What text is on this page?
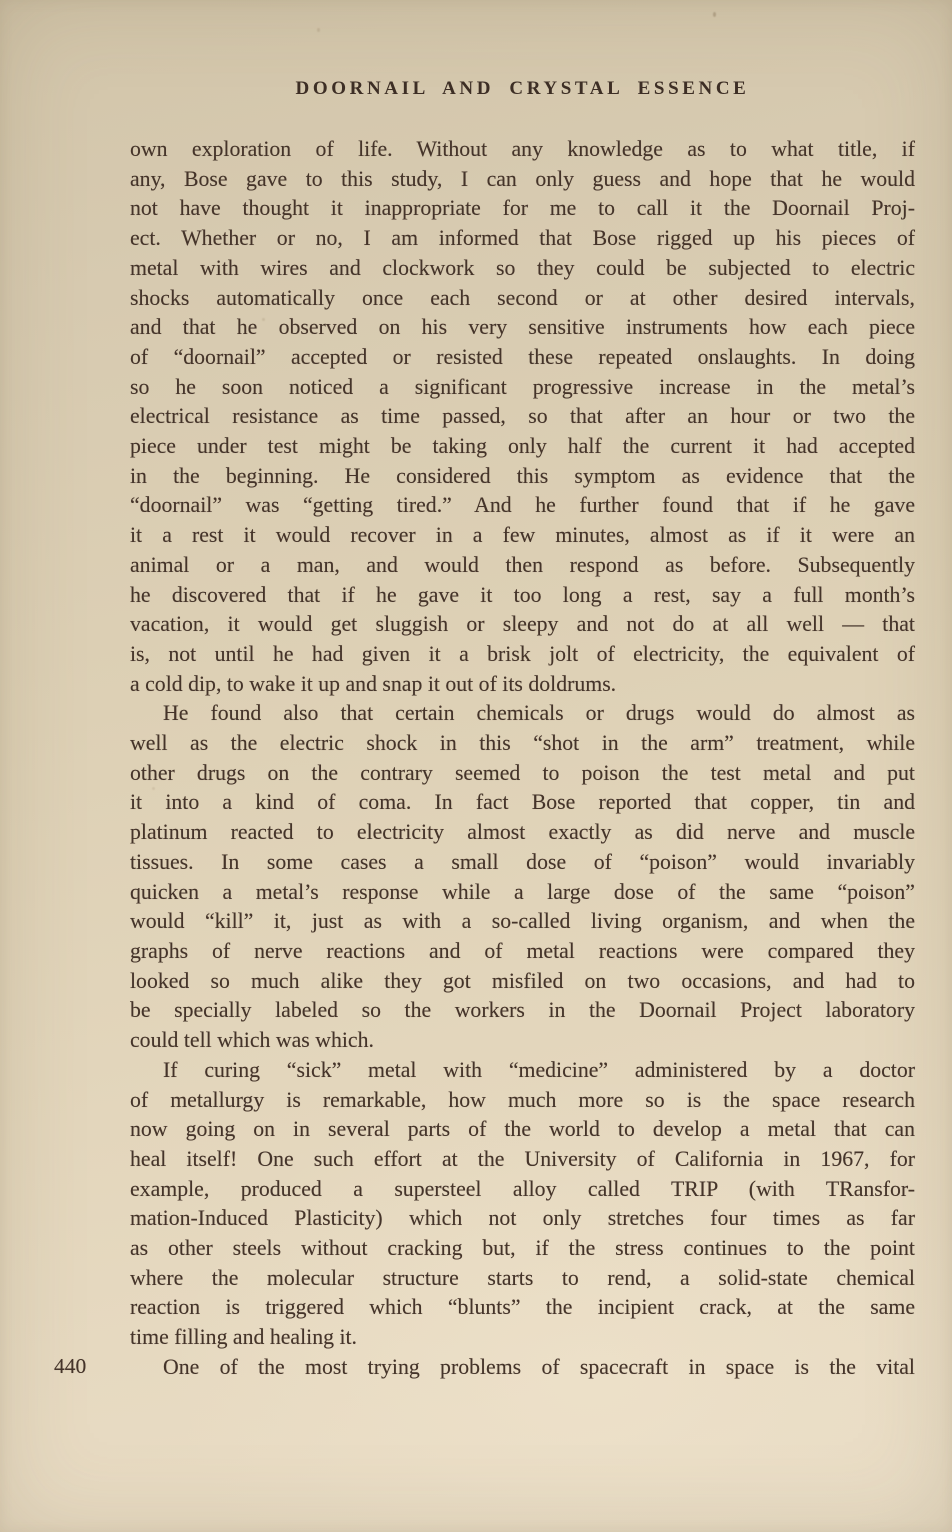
DOORNAIL AND CRYSTAL ESSENCE
own exploration of life. Without any knowledge as to what title, if
any, Bose gave to this study, I can only guess and hope that he would
not have thought it inappropriate for me to call it the Doornail Proj-
ect. Whether or no, I am informed that Bose rigged up his pieces of
metal with wires and clockwork so they could be subjected to electric
shocks automatically once each second or at other desired intervals,
and that he observed on his very sensitive instruments how each piece
of “doornail” accepted or resisted these repeated onslaughts. In doing
so he soon noticed a significant progressive increase in the metal’s
electrical resistance as time passed, so that after an hour or two the
piece under test might be taking only half the current it had accepted
in the beginning. He considered this symptom as evidence that the
“doornail” was “getting tired.” And he further found that if he gave
it a rest it would recover in a few minutes, almost as if it were an
animal or a man, and would then respond as before. Subsequently
he discovered that if he gave it too long a rest, say a full month’s
vacation, it would get sluggish or sleepy and not do at all well — that
is, not until he had given it a brisk jolt of electricity, the equivalent of
a cold dip, to wake it up and snap it out of its doldrums.
He found also that certain chemicals or drugs would do almost as
well as the electric shock in this “shot in the arm” treatment, while
other drugs on the contrary seemed to poison the test metal and put
it into a kind of coma. In fact Bose reported that copper, tin and
platinum reacted to electricity almost exactly as did nerve and muscle
tissues. In some cases a small dose of “poison” would invariably
quicken a metal’s response while a large dose of the same “poison”
would “kill” it, just as with a so-called living organism, and when the
graphs of nerve reactions and of metal reactions were compared they
looked so much alike they got misfiled on two occasions, and had to
be specially labeled so the workers in the Doornail Project laboratory
could tell which was which.
If curing “sick” metal with “medicine” administered by a doctor
of metallurgy is remarkable, how much more so is the space research
now going on in several parts of the world to develop a metal that can
heal itself! One such effort at the University of California in 1967, for
example, produced a supersteel alloy called TRIP (with TRansfor-
mation-Induced Plasticity) which not only stretches four times as far
as other steels without cracking but, if the stress continues to the point
where the molecular structure starts to rend, a solid-state chemical
reaction is triggered which “blunts” the incipient crack, at the same
time filling and healing it.
One of the most trying problems of spacecraft in space is the vital
440
